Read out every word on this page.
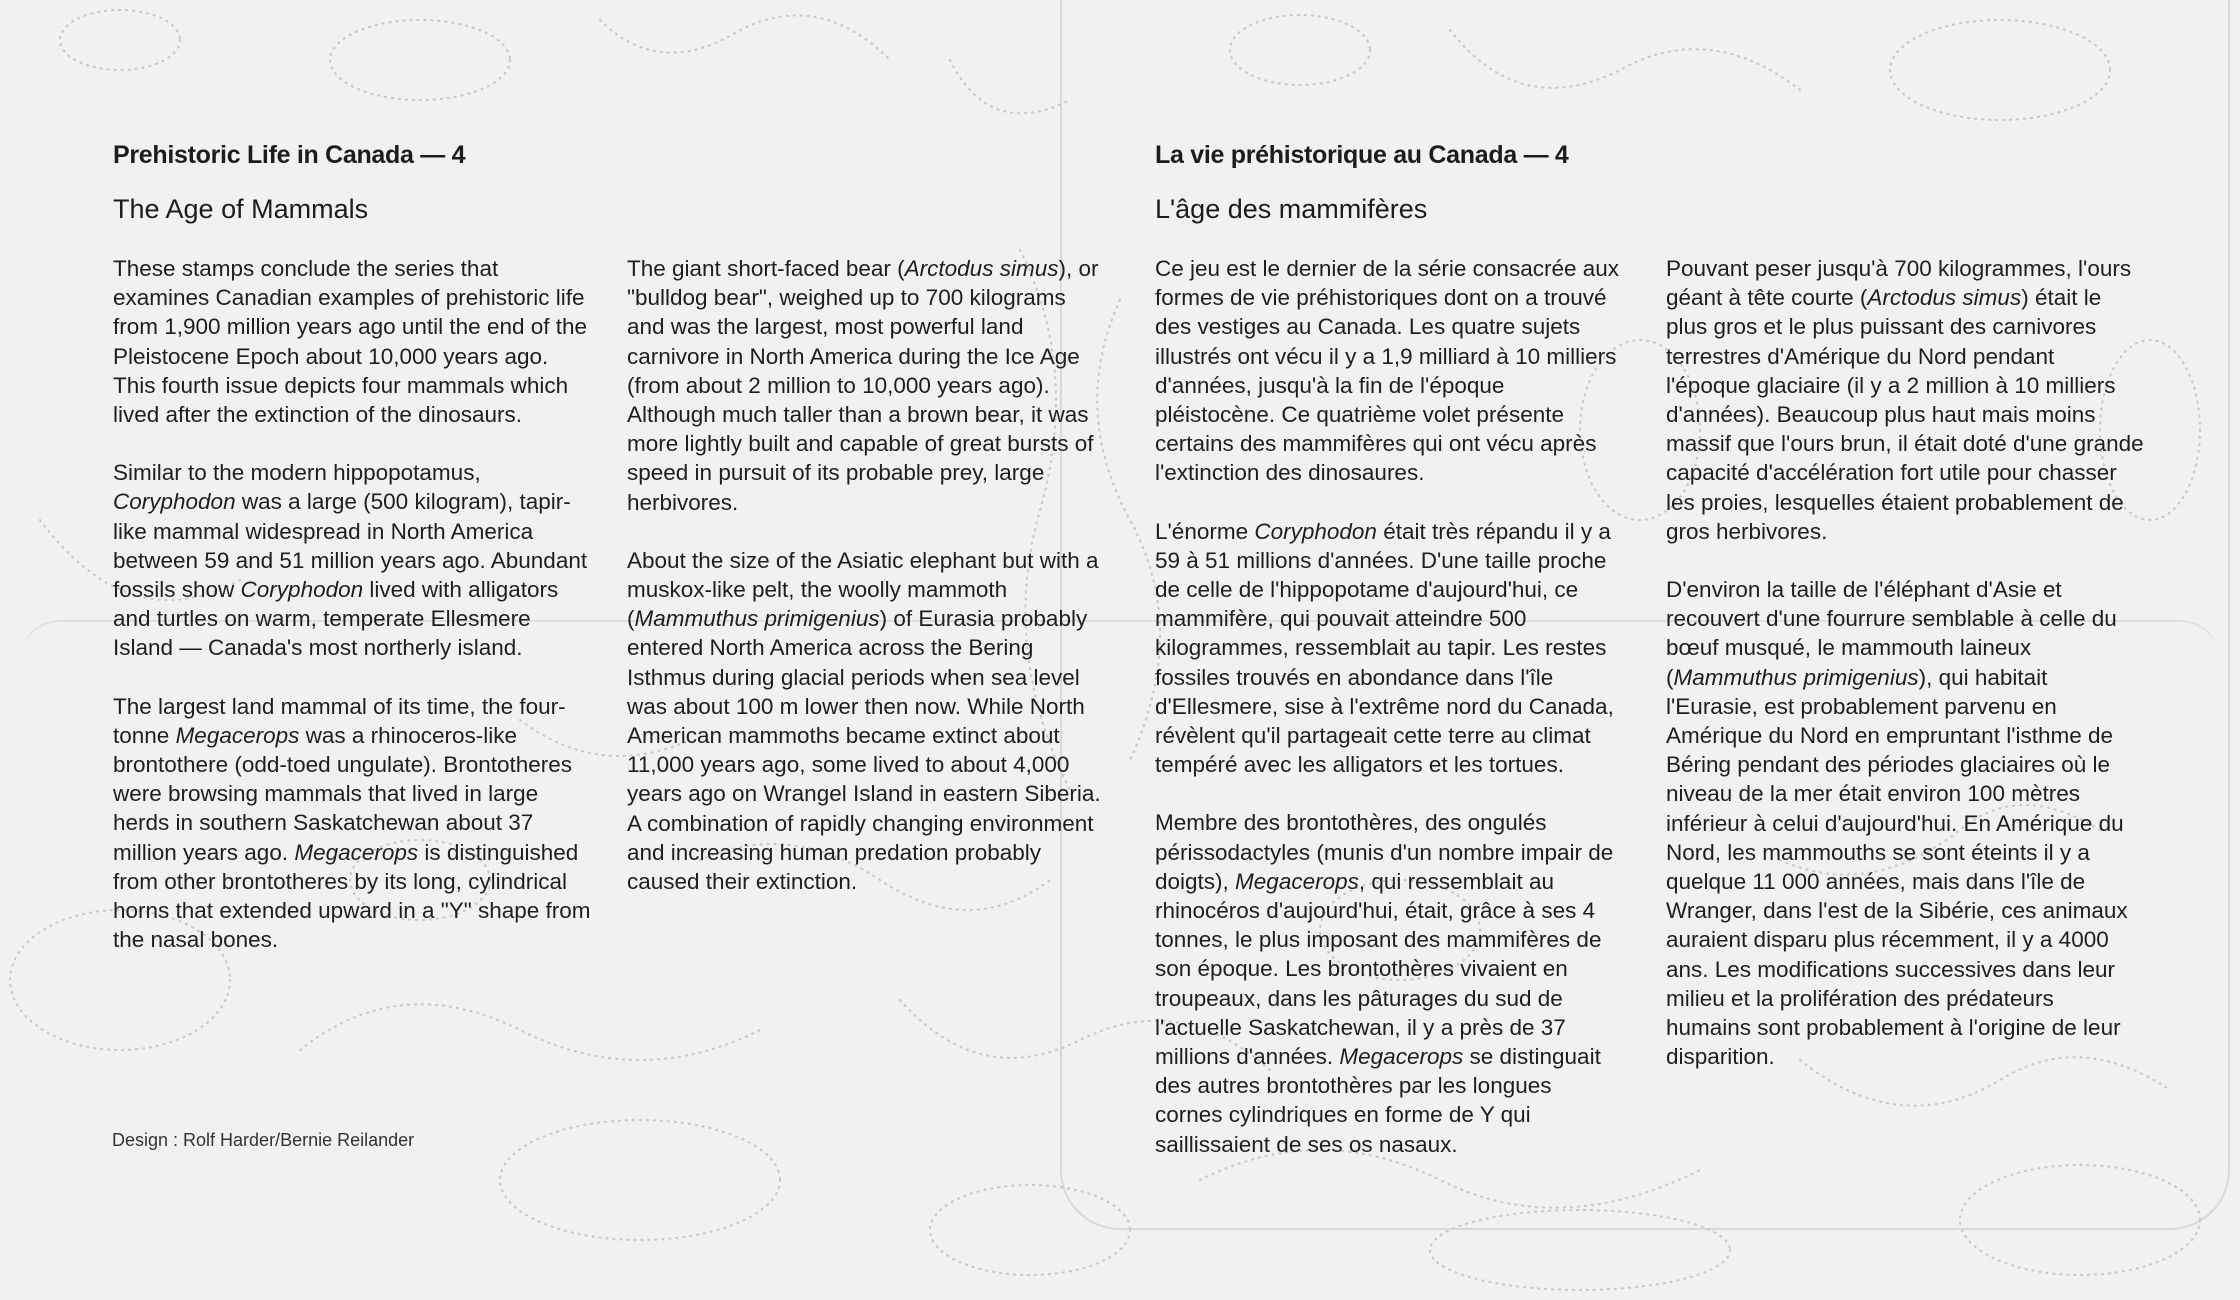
Prehistoric Life in Canada — 4
The Age of Mammals

These stamps conclude the series that examines Canadian examples of prehistoric life from 1,900 million years ago until the end of the Pleistocene Epoch about 10,000 years ago. This fourth issue depicts four mammals which lived after the extinction of the dinosaurs.

Similar to the modern hippopotamus, Coryphodon was a large (500 kilogram), tapir-like mammal widespread in North America between 59 and 51 million years ago. Abundant fossils show Coryphodon lived with alligators and turtles on warm, temperate Ellesmere Island — Canada's most northerly island.

The largest land mammal of its time, the four-tonne Megacerops was a rhinoceros-like brontothere (odd-toed ungulate). Brontotheres were browsing mammals that lived in large herds in southern Saskatchewan about 37 million years ago. Megacerops is distinguished from other brontotheres by its long, cylindrical horns that extended upward in a "Y" shape from the nasal bones.

The giant short-faced bear (Arctodus simus), or "bulldog bear", weighed up to 700 kilograms and was the largest, most powerful land carnivore in North America during the Ice Age (from about 2 million to 10,000 years ago). Although much taller than a brown bear, it was more lightly built and capable of great bursts of speed in pursuit of its probable prey, large herbivores.

About the size of the Asiatic elephant but with a muskox-like pelt, the woolly mammoth (Mammuthus primigenius) of Eurasia probably entered North America across the Bering Isthmus during glacial periods when sea level was about 100 m lower then now. While North American mammoths became extinct about 11,000 years ago, some lived to about 4,000 years ago on Wrangel Island in eastern Siberia. A combination of rapidly changing environment and increasing human predation probably caused their extinction.

Design : Rolf Harder/Bernie Reilander
La vie préhistorique au Canada — 4
L'âge des mammifères

Ce jeu est le dernier de la série consacrée aux formes de vie préhistoriques dont on a trouvé des vestiges au Canada. Les quatre sujets illustrés ont vécu il y a 1,9 milliard à 10 milliers d'années, jusqu'à la fin de l'époque pléistocène. Ce quatrième volet présente certains des mammifères qui ont vécu après l'extinction des dinosaures.

L'énorme Coryphodon était très répandu il y a 59 à 51 millions d'années. D'une taille proche de celle de l'hippopotame d'aujourd'hui, ce mammifère, qui pouvait atteindre 500 kilogrammes, ressemblait au tapir. Les restes fossiles trouvés en abondance dans l'île d'Ellesmere, sise à l'extrême nord du Canada, révèlent qu'il partageait cette terre au climat tempéré avec les alligators et les tortues.

Membre des brontothères, des ongulés périssodactyles (munis d'un nombre impair de doigts), Megacerops, qui ressemblait au rhinocéros d'aujourd'hui, était, grâce à ses 4 tonnes, le plus imposant des mammifères de son époque. Les brontothères vivaient en troupeaux, dans les pâturages du sud de l'actuelle Saskatchewan, il y a près de 37 millions d'années. Megacerops se distinguait des autres brontothères par les longues cornes cylindriques en forme de Y qui saillissaient de ses os nasaux.

Pouvant peser jusqu'à 700 kilogrammes, l'ours géant à tête courte (Arctodus simus) était le plus gros et le plus puissant des carnivores terrestres d'Amérique du Nord pendant l'époque glaciaire (il y a 2 million à 10 milliers d'années). Beaucoup plus haut mais moins massif que l'ours brun, il était doté d'une grande capacité d'accélération fort utile pour chasser les proies, lesquelles étaient probablement de gros herbivores.

D'environ la taille de l'éléphant d'Asie et recouvert d'une fourrure semblable à celle du bœuf musqué, le mammouth laineux (Mammuthus primigenius), qui habitait l'Eurasie, est probablement parvenu en Amérique du Nord en empruntant l'isthme de Béring pendant des périodes glaciaires où le niveau de la mer était environ 100 mètres inférieur à celui d'aujourd'hui. En Amérique du Nord, les mammouths se sont éteints il y a quelque 11 000 années, mais dans l'île de Wranger, dans l'est de la Sibérie, ces animaux auraient disparu plus récemment, il y a 4000 ans. Les modifications successives dans leur milieu et la prolifération des prédateurs humains sont probablement à l'origine de leur disparition.
